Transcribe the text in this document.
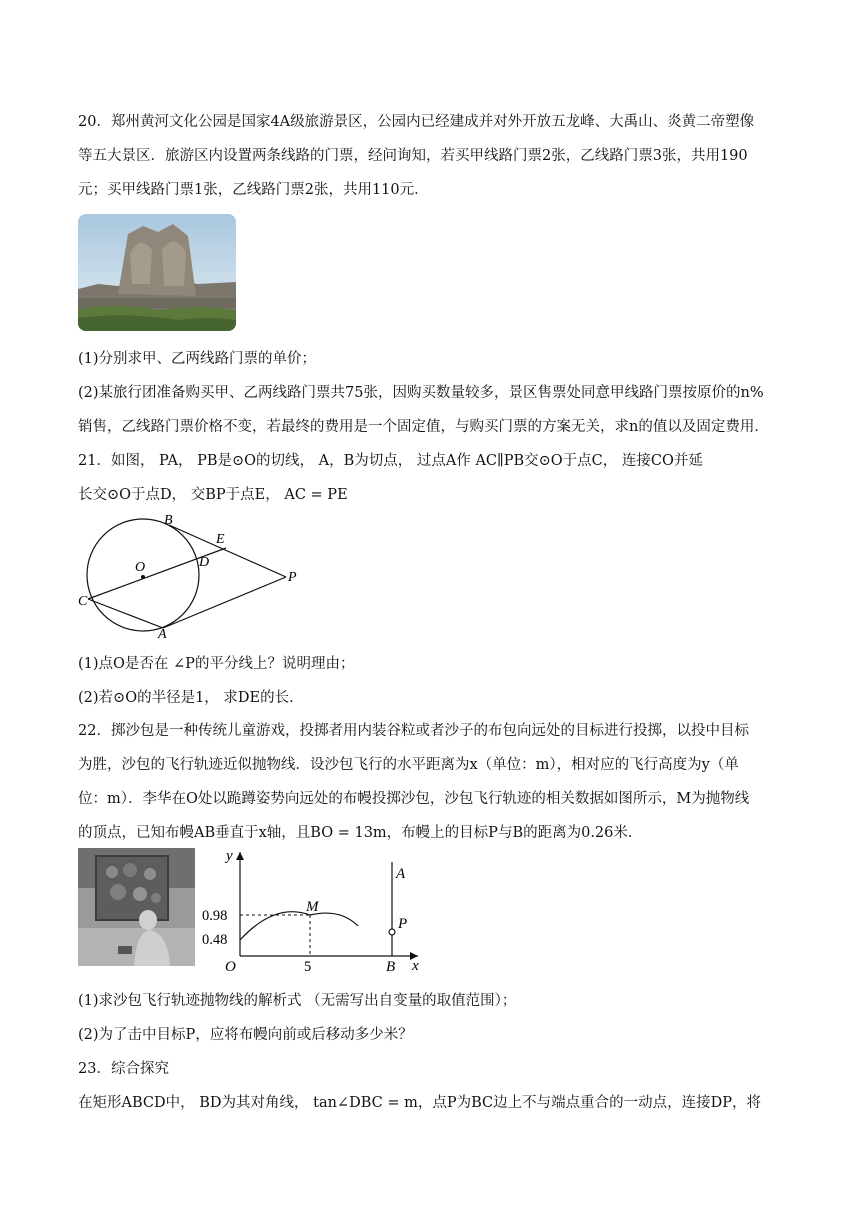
20．郑州黄河文化公园是国家4A级旅游景区，公园内已经建成并对外开放五龙峰、大禹山、炎黄二帝塑像
等五大景区．旅游区内设置两条线路的门票，经问询知，若买甲线路门票2张，乙线路门票3张，共用190
元；买甲线路门票1张，乙线路门票2张，共用110元．
(1)分别求甲、乙两线路门票的单价；
(2)某旅行团准备购买甲、乙两线路门票共75张，因购买数量较多，景区售票处同意甲线路门票按原价的n%
销售，乙线路门票价格不变，若最终的费用是一个固定值，与购买门票的方案无关，求n的值以及固定费用．
21．如图， PA， PB是⊙O的切线， A，B为切点， 过点A作 AC∥PB交⊙O于点C， 连接CO并延
长交⊙O于点D， 交BP于点E， AC = PE
B
E
D
O
P
C
A
(1)点O是否在 ∠P的平分线上？说明理由；
(2)若⊙O的半径是1， 求DE的长．
22．掷沙包是一种传统儿童游戏，投掷者用内装谷粒或者沙子的布包向远处的目标进行投掷，以投中目标
为胜，沙包的飞行轨迹近似抛物线．设沙包飞行的水平距离为x（单位：m），相对应的飞行高度为y（单
位：m）．李华在O处以跪蹲姿势向远处的布幔投掷沙包，沙包飞行轨迹的相关数据如图所示，M为抛物线
的顶点，已知布幔AB垂直于x轴，且BO = 13m，布幔上的目标P与B的距离为0.26米．
y
x
O
0.98
0.48
5
M
A
P
B
(1)求沙包飞行轨迹抛物线的解析式 （无需写出自变量的取值范围）；
(2)为了击中目标P，应将布幔向前或后移动多少米？
23．综合探究
在矩形ABCD中， BD为其对角线， tan∠DBC = m，点P为BC边上不与端点重合的一动点，连接DP，将
